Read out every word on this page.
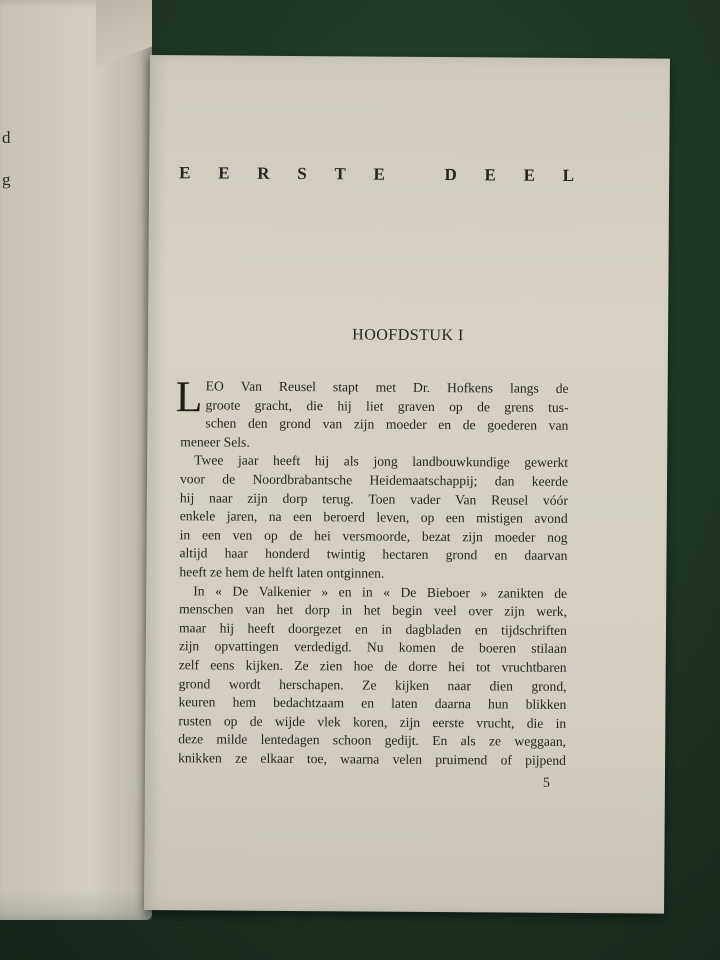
d
g	E E R S T E
	D E E L
HOOFDSTUK I
L EO Van Reusel stapt met Dr. Hofkens langs de
groote gracht, die hij liet graven op de grens tus-
schen den grond van zijn moeder en de goederen van
meneer Sels.
Twee jaar heeft hij als jong landbouwkundige gewerkt
voor de Noordbrabantsche Heidemaatschappij; dan keerde
hij naar zijn dorp terug. Toen vader Van Reusel vóór
enkele jaren, na een beroerd leven, op een mistigen avond
in een ven op de hei versmoorde, bezat zijn moeder nog
altijd haar honderd twintig hectaren grond en daarvan
heeft ze hem de helft laten ontginnen.
In « De Valkenier » en in « De Bieboer » zanikten de
menschen van het dorp in het begin veel over zijn werk,
maar hij heeft doorgezet en in dagbladen en tijdschriften
zijn opvattingen verdedigd. Nu komen de boeren stilaan
zelf eens kijken. Ze zien hoe de dorre hei tot vruchtbaren
grond wordt herschapen. Ze kijken naar dien grond,
keuren hem bedachtzaam en laten daarna hun blikken
rusten op de wijde vlek koren, zijn eerste vrucht, die in
deze milde lentedagen schoon gedijt. En als ze weggaan,
knikken ze elkaar toe, waarna velen pruimend of pijpend
5
